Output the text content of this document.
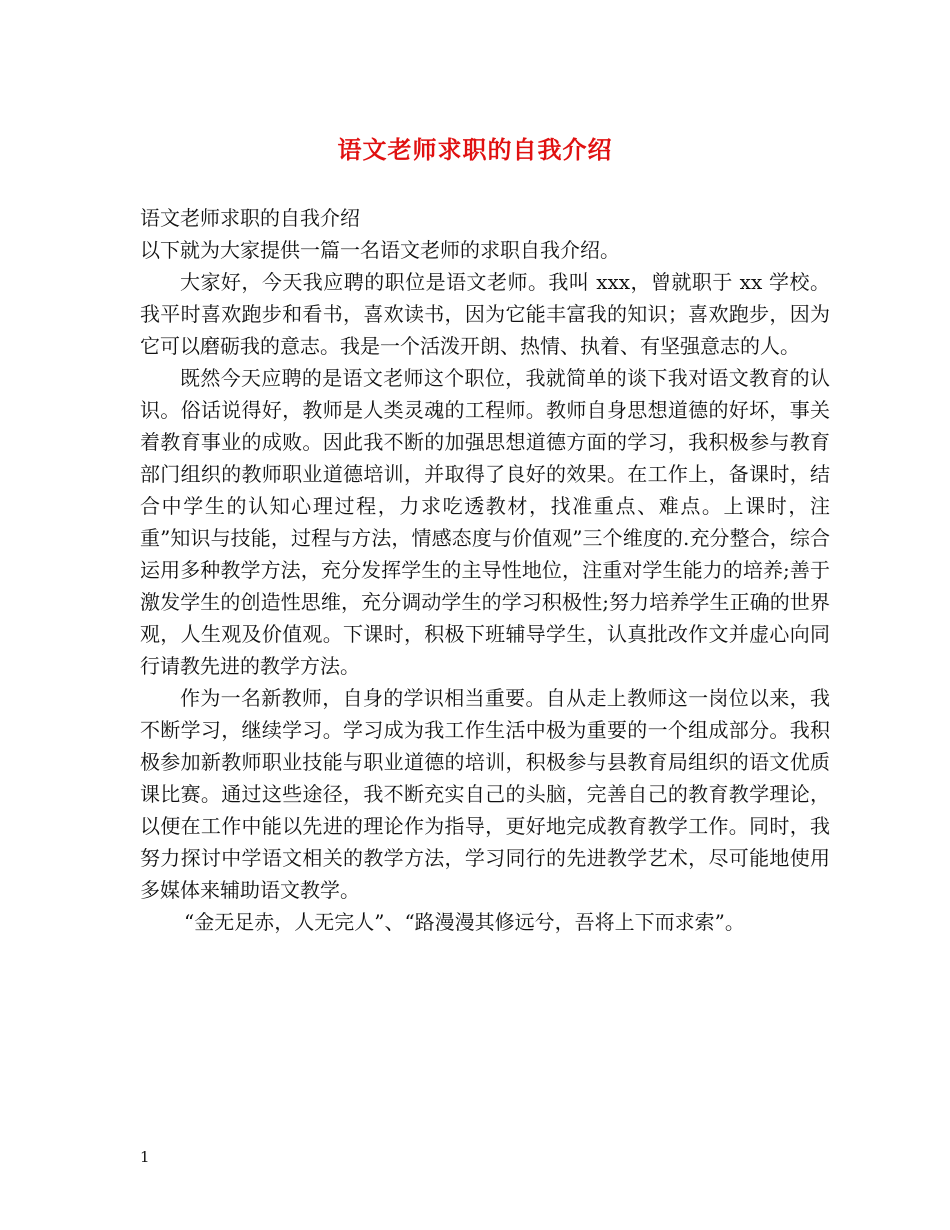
语文老师求职的自我介绍

语文老师求职的自我介绍

以下就为大家提供一篇一名语文老师的求职自我介绍。

大家好，今天我应聘的职位是语文老师。我叫 xxx，曾就职于 xx 学校。我平时喜欢跑步和看书，喜欢读书，因为它能丰富我的知识；喜欢跑步，因为它可以磨砺我的意志。我是一个活泼开朗、热情、执着、有坚强意志的人。

既然今天应聘的是语文老师这个职位，我就简单的谈下我对语文教育的认识。俗话说得好，教师是人类灵魂的工程师。教师自身思想道德的好坏，事关着教育事业的成败。因此我不断的加强思想道德方面的学习，我积极参与教育部门组织的教师职业道德培训，并取得了良好的效果。在工作上，备课时，结合中学生的认知心理过程，力求吃透教材，找准重点、难点。上课时，注重”知识与技能，过程与方法，情感态度与价值观”三个维度的.充分整合，综合运用多种教学方法，充分发挥学生的主导性地位，注重对学生能力的培养;善于激发学生的创造性思维，充分调动学生的学习积极性;努力培养学生正确的世界观，人生观及价值观。下课时，积极下班辅导学生，认真批改作文并虚心向同行请教先进的教学方法。

作为一名新教师，自身的学识相当重要。自从走上教师这一岗位以来，我不断学习，继续学习。学习成为我工作生活中极为重要的一个组成部分。我积极参加新教师职业技能与职业道德的培训，积极参与县教育局组织的语文优质课比赛。通过这些途径，我不断充实自己的头脑，完善自己的教育教学理论，以便在工作中能以先进的理论作为指导，更好地完成教育教学工作。同时，我努力探讨中学语文相关的教学方法，学习同行的先进教学艺术，尽可能地使用多媒体来辅助语文教学。

“金无足赤，人无完人”、“路漫漫其修远兮，吾将上下而求索”。

1
